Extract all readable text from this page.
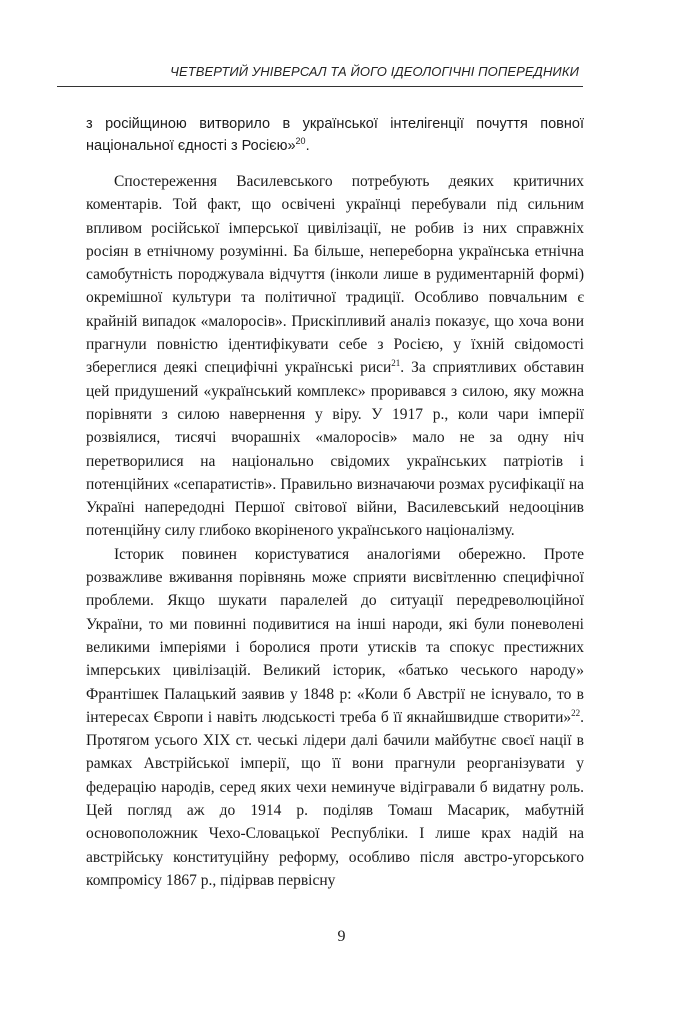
ЧЕТВЕРТИЙ УНІВЕРСАЛ ТА ЙОГО ІДЕОЛОГІЧНІ ПОПЕРЕДНИКИ

з російщиною витворило в української інтелігенції почуття повної національної єдності з Росією»$^{20}$.

Спостереження Василевського потребують деяких критичних коментарів. Той факт, що освічені українці перебували під сильним впливом російської імперської цивілізації, не робив із них справжніх росіян в етнічному розумінні. Ба більше, непереборна українська етнічна самобутність породжувала відчуття (інколи лише в рудиментарній формі) окремішної культури та політичної традиції. Особливо повчальним є крайній випадок «малоросів». Прискіпливий аналіз показує, що хоча вони прагнули повністю ідентифікувати себе з Росією, у їхній свідомості збереглися деякі специфічні українські риси$^{21}$. За сприятливих обставин цей придушений «український комплекс» проривався з силою, яку можна порівняти з силою навернення у віру. У 1917 р., коли чари імперії розвіялися, тисячі вчорашніх «малоросів» мало не за одну ніч перетворилися на національно свідомих українських патріотів і потенційних «сепаратистів». Правильно визначаючи розмах русифікації на Україні напередодні Першої світової війни, Василевський недооцінив потенційну силу глибоко вкоріненого українського націоналізму.

Історик повинен користуватися аналогіями обережно. Проте розважливе вживання порівнянь може сприяти висвітленню специфічної проблеми. Якщо шукати паралелей до ситуації передреволюційної України, то ми повинні подивитися на інші народи, які були поневолені великими імперіями і боролися проти утисків та спокус престижних імперських цивілізацій. Великий історик, «батько чеського народу» Франтішек Палацький заявив у 1848 р: «Коли б Австрії не існувало, то в інтересах Європи і навіть людськості треба б її якнайшвидше створити»$^{22}$. Протягом усього XIX ст. чеські лідери далі бачили майбутнє своєї нації в рамках Австрійської імперії, що її вони прагнули реорганізувати у федерацію народів, серед яких чехи неминуче відігравали б видатну роль. Цей погляд аж до 1914 р. поділяв Томаш Масарик, мабутній основоположник Чехо-Словацької Республіки. І лише крах надій на австрійську конституційну реформу, особливо після австро-угорського компромісу 1867 р., підірвав первісну

9
